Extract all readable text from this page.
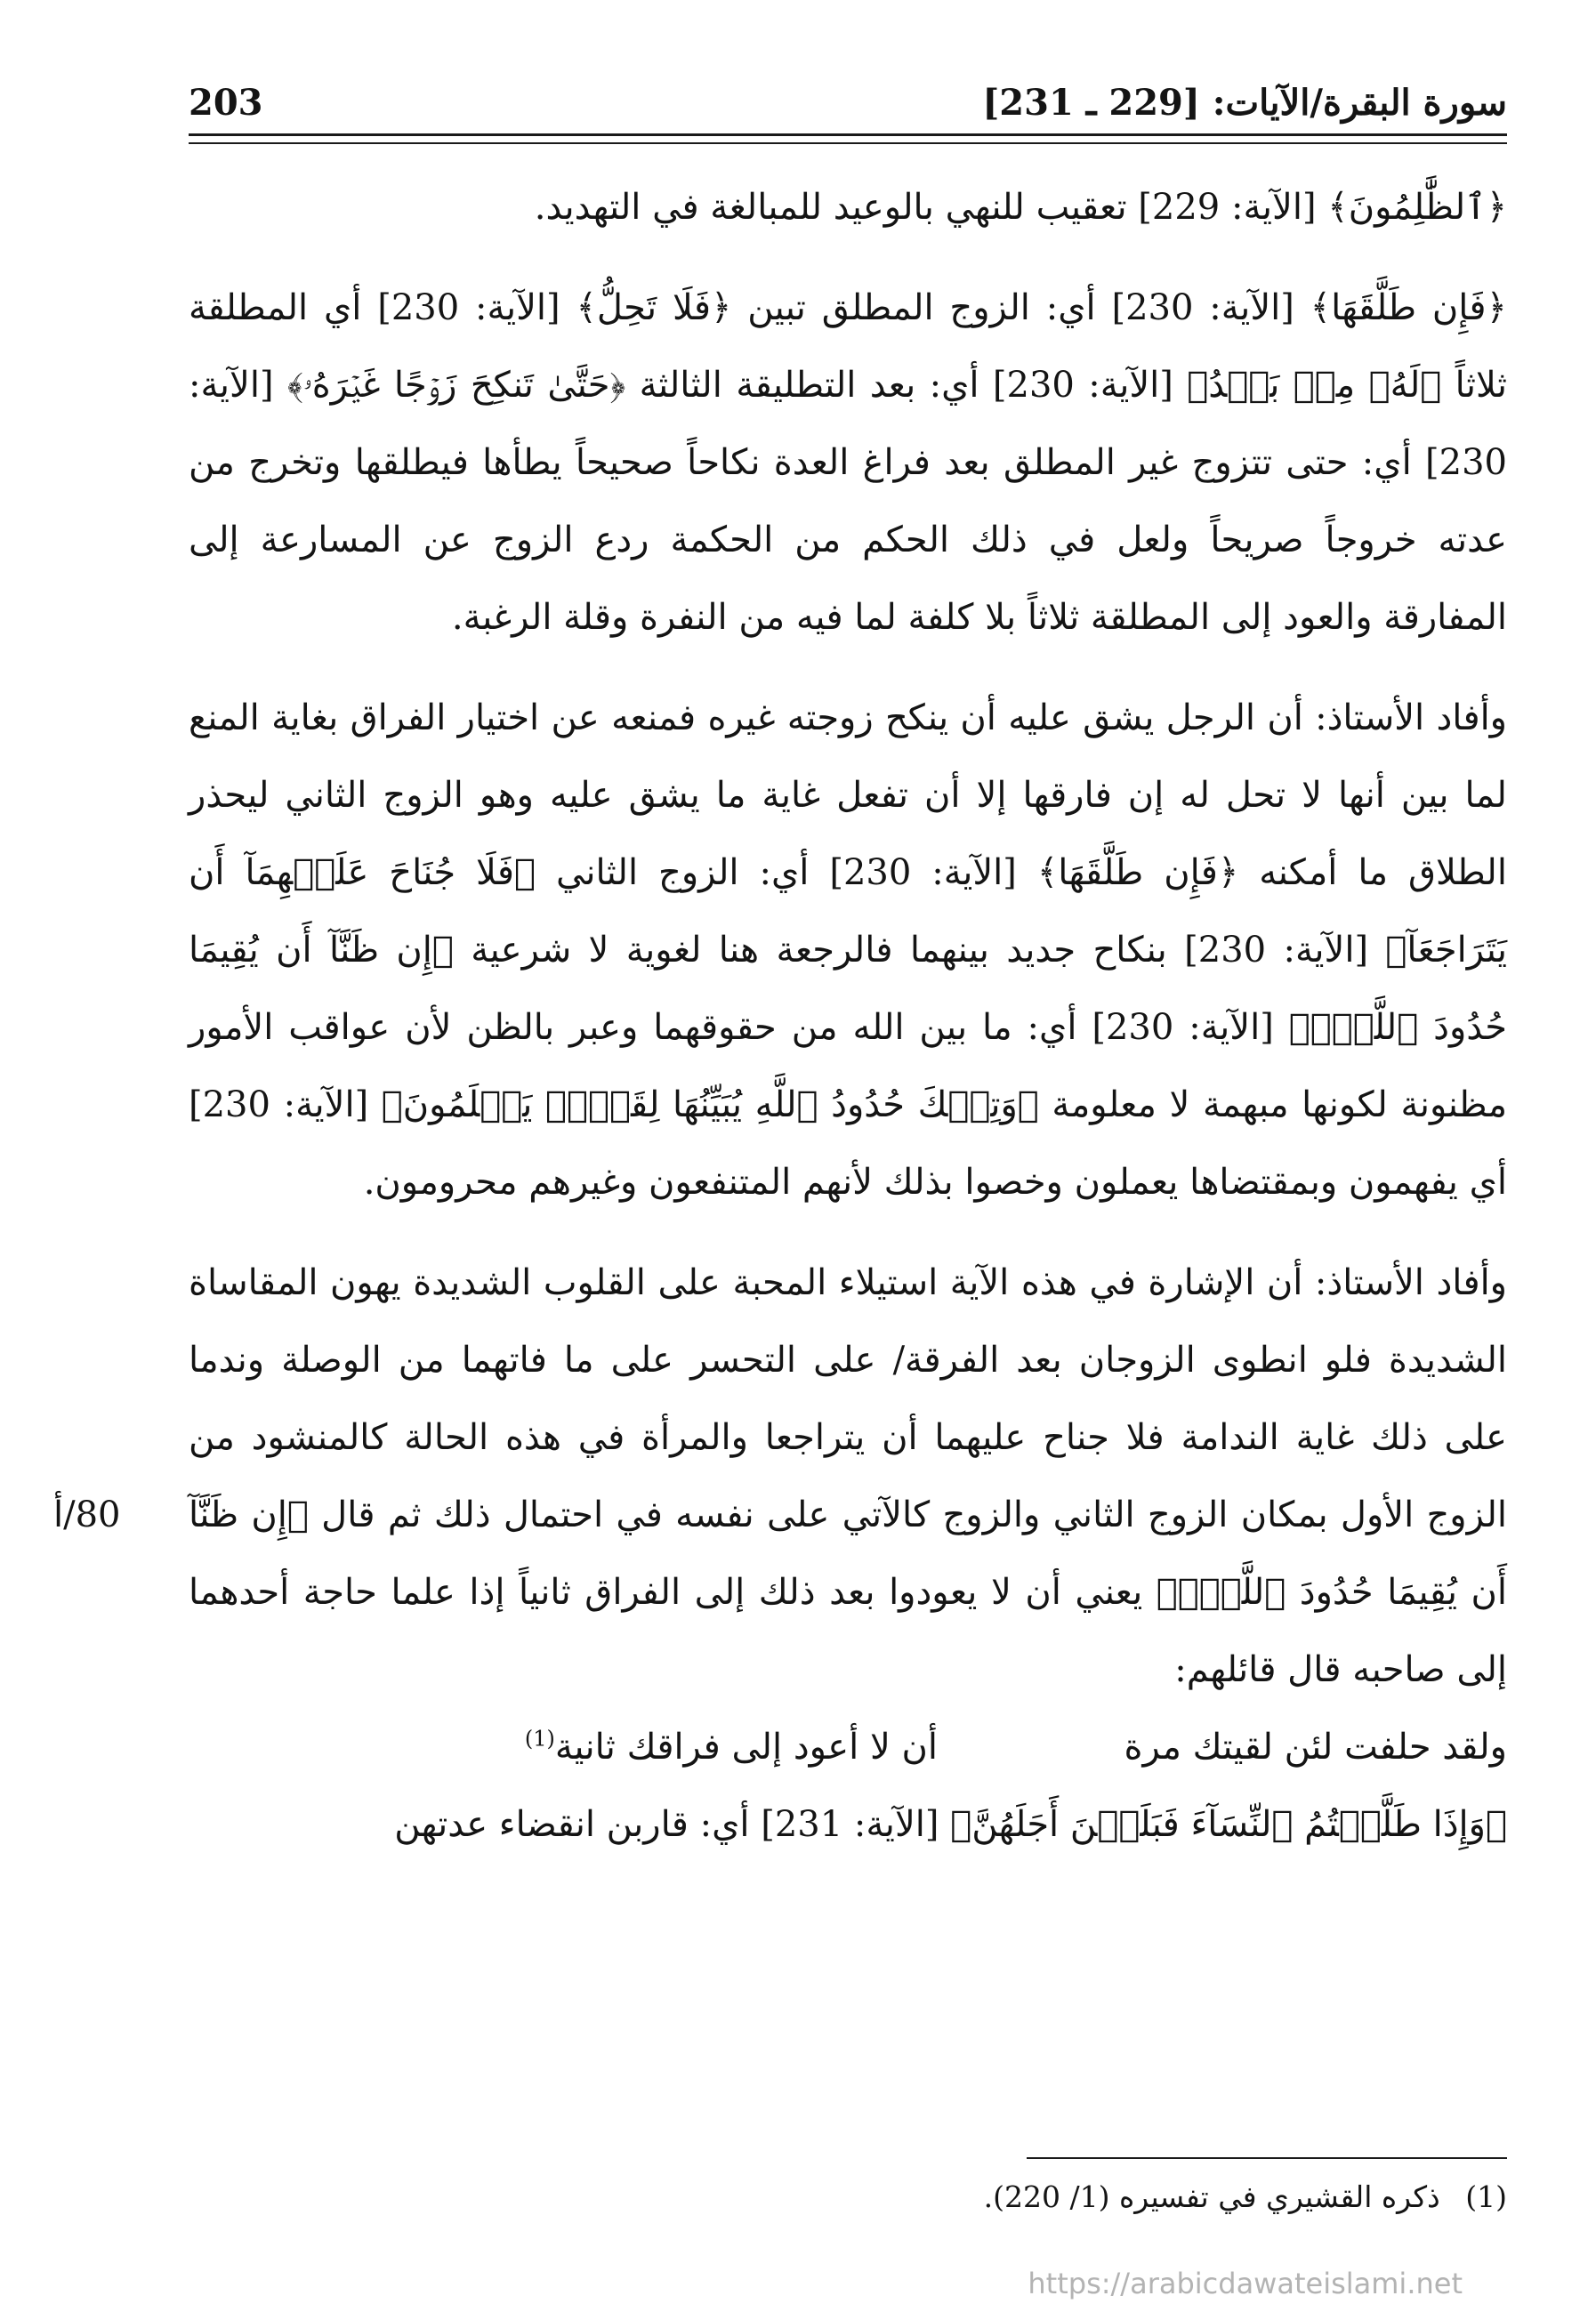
سورة البقرة/الآيات: [229 ـ 231]
203

﴿ٱلظَّٰلِمُونَ﴾ [الآية: 229] تعقيب للنهي بالوعيد للمبالغة في التهديد.

﴿فَإِن طَلَّقَهَا﴾ [الآية: 230] أي: الزوج المطلق تبين ﴿فَلَا تَحِلُّ﴾ [الآية: 230] أي المطلقة ثلاثاً ﴿لَهُۥ مِنۢ بَعۡدُ﴾ [الآية: 230] أي: بعد التطليقة الثالثة ﴿حَتَّىٰ تَنكِحَ زَوۡجًا غَيۡرَهُۥ﴾ [الآية: 230] أي: حتى تتزوج غير المطلق بعد فراغ العدة نكاحاً صحيحاً يطأها فيطلقها وتخرج من عدته خروجاً صريحاً ولعل في ذلك الحكم من الحكمة ردع الزوج عن المسارعة إلى المفارقة والعود إلى المطلقة ثلاثاً بلا كلفة لما فيه من النفرة وقلة الرغبة.

وأفاد الأستاذ: أن الرجل يشق عليه أن ينكح زوجته غيره فمنعه عن اختيار الفراق بغاية المنع لما بين أنها لا تحل له إن فارقها إلا أن تفعل غاية ما يشق عليه وهو الزوج الثاني ليحذر الطلاق ما أمكنه ﴿فَإِن طَلَّقَهَا﴾ [الآية: 230] أي: الزوج الثاني ﴿فَلَا جُنَاحَ عَلَيۡهِمَآ أَن يَتَرَاجَعَآ﴾ [الآية: 230] بنكاح جديد بينهما فالرجعة هنا لغوية لا شرعية ﴿إِن ظَنَّآ أَن يُقِيمَا حُدُودَ ٱللَّهِۗ﴾ [الآية: 230] أي: ما بين الله من حقوقهما وعبر بالظن لأن عواقب الأمور مظنونة لكونها مبهمة لا معلومة ﴿وَتِلۡكَ حُدُودُ ٱللَّهِ يُبَيِّنُهَا لِقَوۡمٖ يَعۡلَمُونَ﴾ [الآية: 230] أي يفهمون وبمقتضاها يعملون وخصوا بذلك لأنهم المتنفعون وغيرهم محرومون.

وأفاد الأستاذ: أن الإشارة في هذه الآية استيلاء المحبة على القلوب الشديدة يهون المقاساة الشديدة فلو انطوى الزوجان بعد الفرقة/ على التحسر على ما فاتهما من الوصلة وندما على ذلك غاية الندامة فلا جناح عليهما أن يتراجعا والمرأة في هذه الحالة كالمنشود من الزوج الأول بمكان الزوج الثاني والزوج كالآتي على نفسه في احتمال ذلك ثم قال ﴿إِن ظَنَّآ أَن يُقِيمَا حُدُودَ ٱللَّهِۗ﴾ يعني أن لا يعودوا بعد ذلك إلى الفراق ثانياً إذا علما حاجة أحدهما إلى صاحبه قال قائلهم:

ولقد حلفت لئن لقيتك مرة
أن لا أعود إلى فراقك ثانية$^{(1)}$

﴿وَإِذَا طَلَّقۡتُمُ ٱلنِّسَآءَ فَبَلَغۡنَ أَجَلَهُنَّ﴾ [الآية: 231] أي: قاربن انقضاء عدتهن

80/أ
(1) ذكره القشيري في تفسيره (1/ 220).
https://arabicdawateislami.net
